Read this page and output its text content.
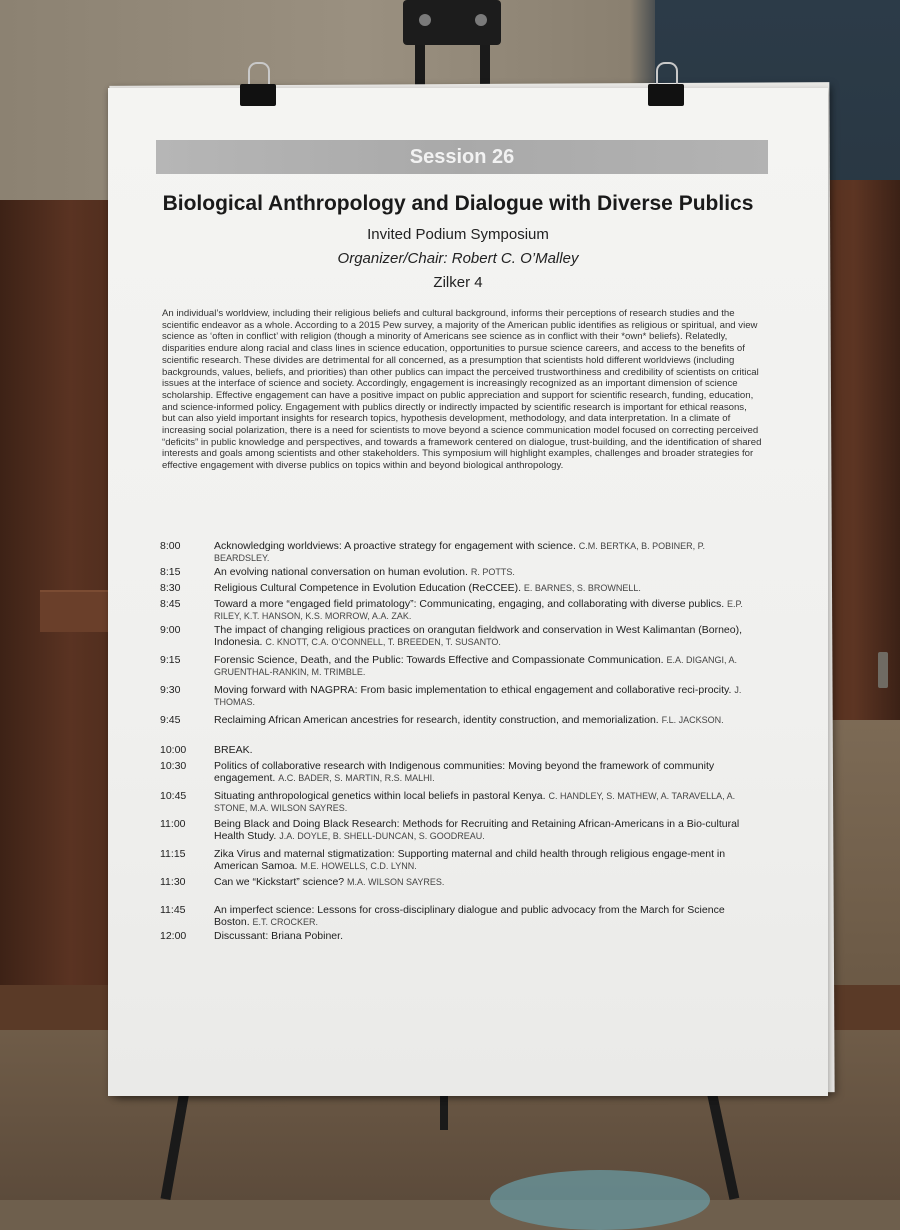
Session 26
Biological Anthropology and Dialogue with Diverse Publics
Invited Podium Symposium
Organizer/Chair: Robert C. O’Malley
Zilker 4
An individual’s worldview, including their religious beliefs and cultural background, informs their perceptions of research studies and the scientific endeavor as a whole. According to a 2015 Pew survey, a majority of the American public identifies as religious or spiritual, and view science as ‘often in conflict’ with religion (though a minority of Americans see science as in conflict with their *own* beliefs). Relatedly, disparities endure along racial and class lines in science education, opportunities to pursue science careers, and access to the benefits of scientific research. These divides are detrimental for all concerned, as a presumption that scientists hold different worldviews (including backgrounds, values, beliefs, and priorities) than other publics can impact the perceived trustworthiness and credibility of scientists on critical issues at the interface of science and society. Accordingly, engagement is increasingly recognized as an important dimension of science scholarship. Effective engagement can have a positive impact on public appreciation and support for scientific research, funding, education, and science-informed policy. Engagement with publics directly or indirectly impacted by scientific research is important for ethical reasons, but can also yield important insights for research topics, hypothesis development, methodology, and data interpretation. In a climate of increasing social polarization, there is a need for scientists to move beyond a science communication model focused on correcting perceived “deficits” in public knowledge and perspectives, and towards a framework centered on dialogue, trust-building, and the identification of shared interests and goals among scientists and other stakeholders. This symposium will highlight examples, challenges and broader strategies for effective engagement with diverse publics on topics within and beyond biological anthropology.
8:00	Acknowledging worldviews: A proactive strategy for engagement with science. C.M. BERTKA, B. POBINER, P. BEARDSLEY.
8:15	An evolving national conversation on human evolution. R. POTTS.
8:30	Religious Cultural Competence in Evolution Education (ReCCEE). E. BARNES, S. BROWNELL.
8:45	Toward a more “engaged field primatology”: Communicating, engaging, and collaborating with diverse publics. E.P. RILEY, K.T. HANSON, K.S. MORROW, A.A. ZAK.
9:00	The impact of changing religious practices on orangutan fieldwork and conservation in West Kalimantan (Borneo), Indonesia. C. KNOTT, C.A. O’CONNELL, T. BREEDEN, T. SUSANTO.
9:15	Forensic Science, Death, and the Public: Towards Effective and Compassionate Communication. E.A. DIGANGI, A. GRUENTHAL-RANKIN, M. TRIMBLE.
9:30	Moving forward with NAGPRA: From basic implementation to ethical engagement and collaborative reci-procity. J. THOMAS.
9:45	Reclaiming African American ancestries for research, identity construction, and memorialization. F.L. JACKSON.
10:00	BREAK.
10:30	Politics of collaborative research with Indigenous communities: Moving beyond the framework of community engagement. A.C. BADER, S. MARTIN, R.S. MALHI.
10:45	Situating anthropological genetics within local beliefs in pastoral Kenya. C. HANDLEY, S. MATHEW, A. TARAVELLA, A. STONE, M.A. WILSON SAYRES.
11:00	Being Black and Doing Black Research: Methods for Recruiting and Retaining African-Americans in a Bio-cultural Health Study. J.A. DOYLE, B. SHELL-DUNCAN, S. GOODREAU.
11:15	Zika Virus and maternal stigmatization: Supporting maternal and child health through religious engage-ment in American Samoa. M.E. HOWELLS, C.D. LYNN.
11:30	Can we “Kickstart” science? M.A. WILSON SAYRES.
11:45	An imperfect science: Lessons for cross-disciplinary dialogue and public advocacy from the March for Science Boston. E.T. CROCKER.
12:00	Discussant: Briana Pobiner.
